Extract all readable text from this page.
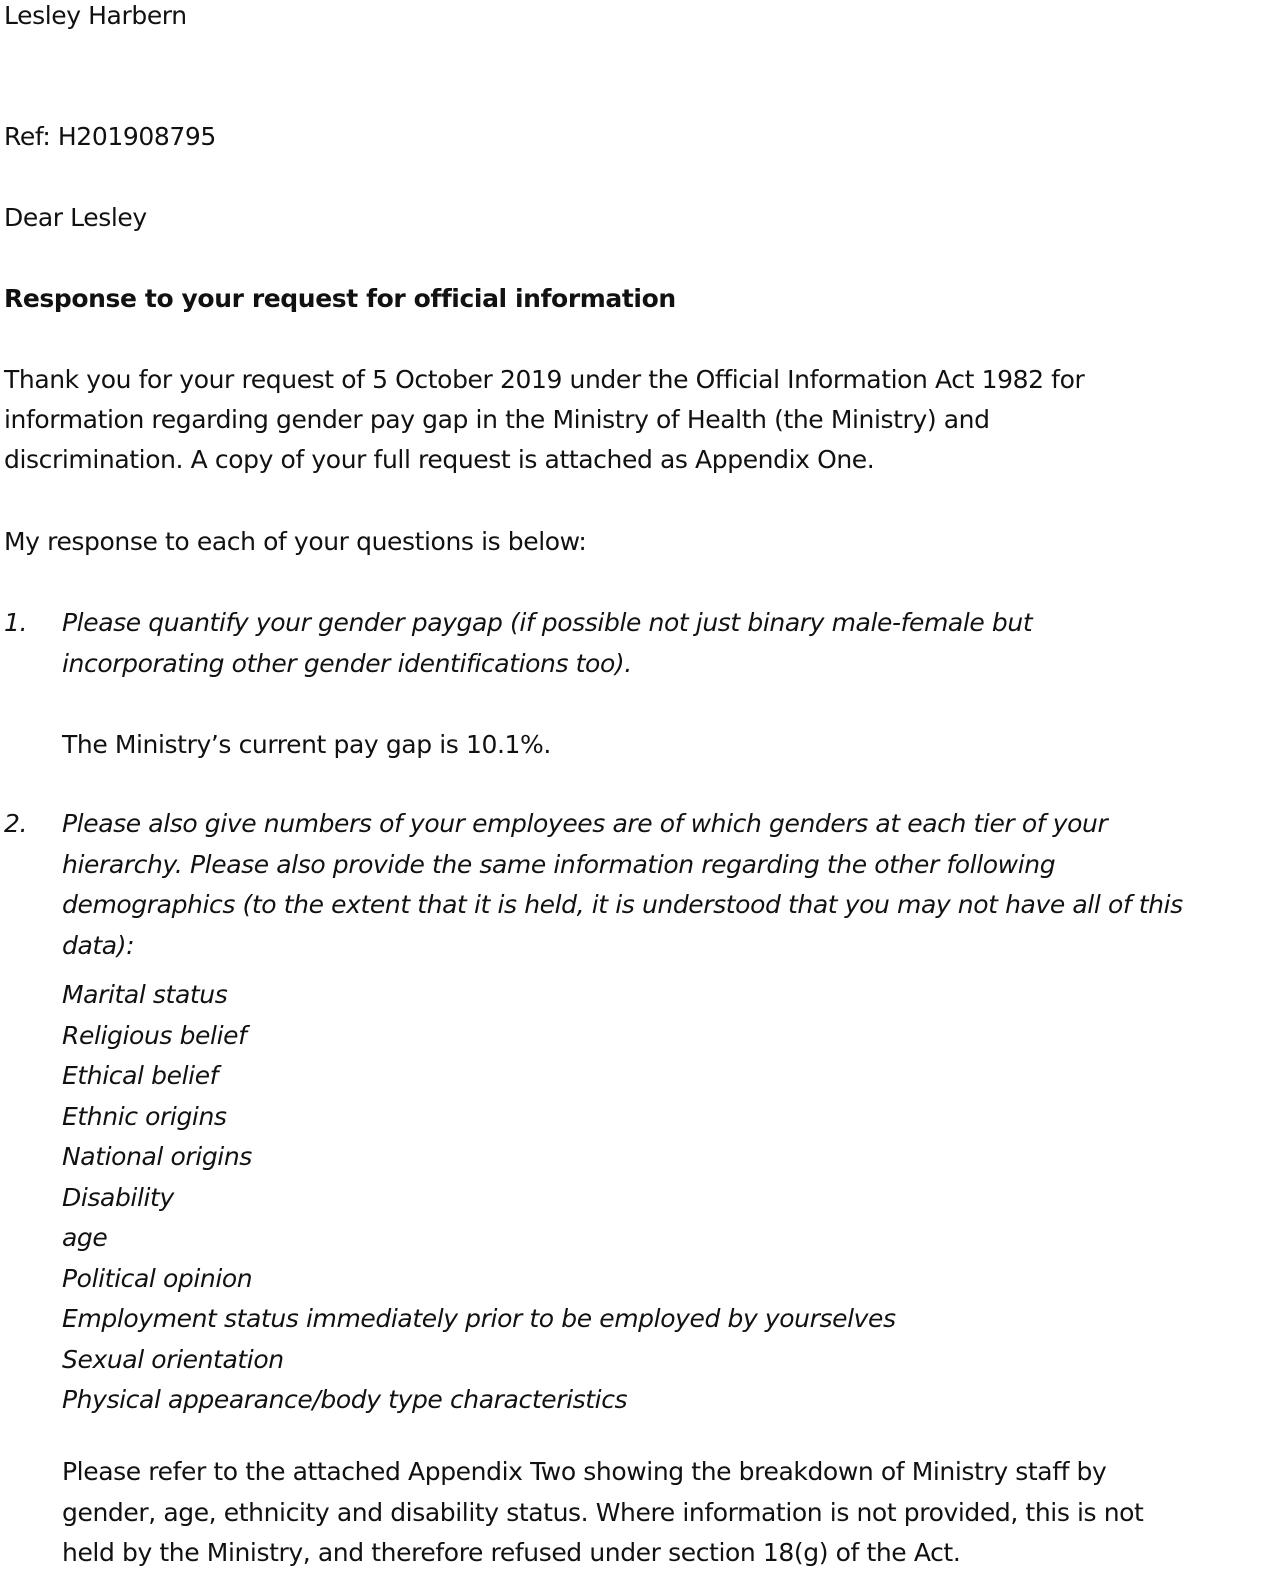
Lesley Harbern

Ref: H201908795

Dear Lesley

Response to your request for official information

Thank you for your request of 5 October 2019 under the Official Information Act 1982 for
information regarding gender pay gap in the Ministry of Health (the Ministry) and
discrimination. A copy of your full request is attached as Appendix One.

My response to each of your questions is below:

1. Please quantify your gender paygap (if possible not just binary male-female but
incorporating other gender identifications too).
The Ministry’s current pay gap is 10.1%.
2. Please also give numbers of your employees are of which genders at each tier of your
hierarchy. Please also provide the same information regarding the other following
demographics (to the extent that it is held, it is understood that you may not have all of this
data):
Marital status
Religious belief
Ethical belief
Ethnic origins
National origins
Disability
age
Political opinion
Employment status immediately prior to be employed by yourselves
Sexual orientation
Physical appearance/body type characteristics
Please refer to the attached Appendix Two showing the breakdown of Ministry staff by
gender, age, ethnicity and disability status. Where information is not provided, this is not
held by the Ministry, and therefore refused under section 18(g) of the Act.
